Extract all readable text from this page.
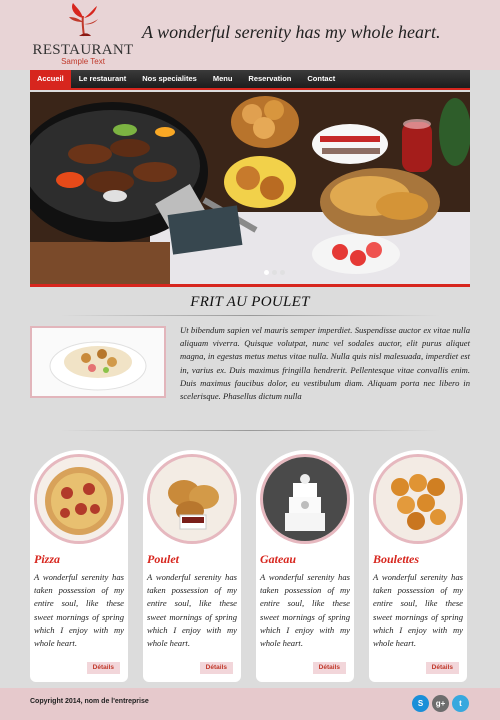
RESTAURANT
Sample Text
A wonderful serenity has my whole heart.
Accueil	Le restaurant	Nos specialites	Menu	Reservation	Contact
FRIT AU POULET
Ut bibendum sapien vel mauris semper imperdiet. Suspendisse auctor ex vitae nulla aliquam viverra. Quisque volutpat, nunc vel sodales auctor, elit purus aliquet magna, in egestas metus metus vitae nulla. Nulla quis nisl malesuada, imperdiet est in, varius ex. Duis maximus fringilla hendrerit. Pellentesque vitae convallis enim. Duis maximus faucibus dolor, eu vestibulum diam. Aliquam porta nec libero in scelerisque. Phasellus dictum nulla
A wonderful serenity has taken possession of my entire soul, like these sweet mornings of spring which I enjoy with my whole heart.
Détails
Pizza
A wonderful serenity has taken possession of my entire soul, like these sweet mornings of spring which I enjoy with my whole heart.
Détails
Poulet
A wonderful serenity has taken possession of my entire soul, like these sweet mornings of spring which I enjoy with my whole heart.
Détails
Gateau
A wonderful serenity has taken possession of my entire soul, like these sweet mornings of spring which I enjoy with my whole heart.
Détails
Boulettes
Copyright 2014, nom de l'entreprise	S	g+	t
